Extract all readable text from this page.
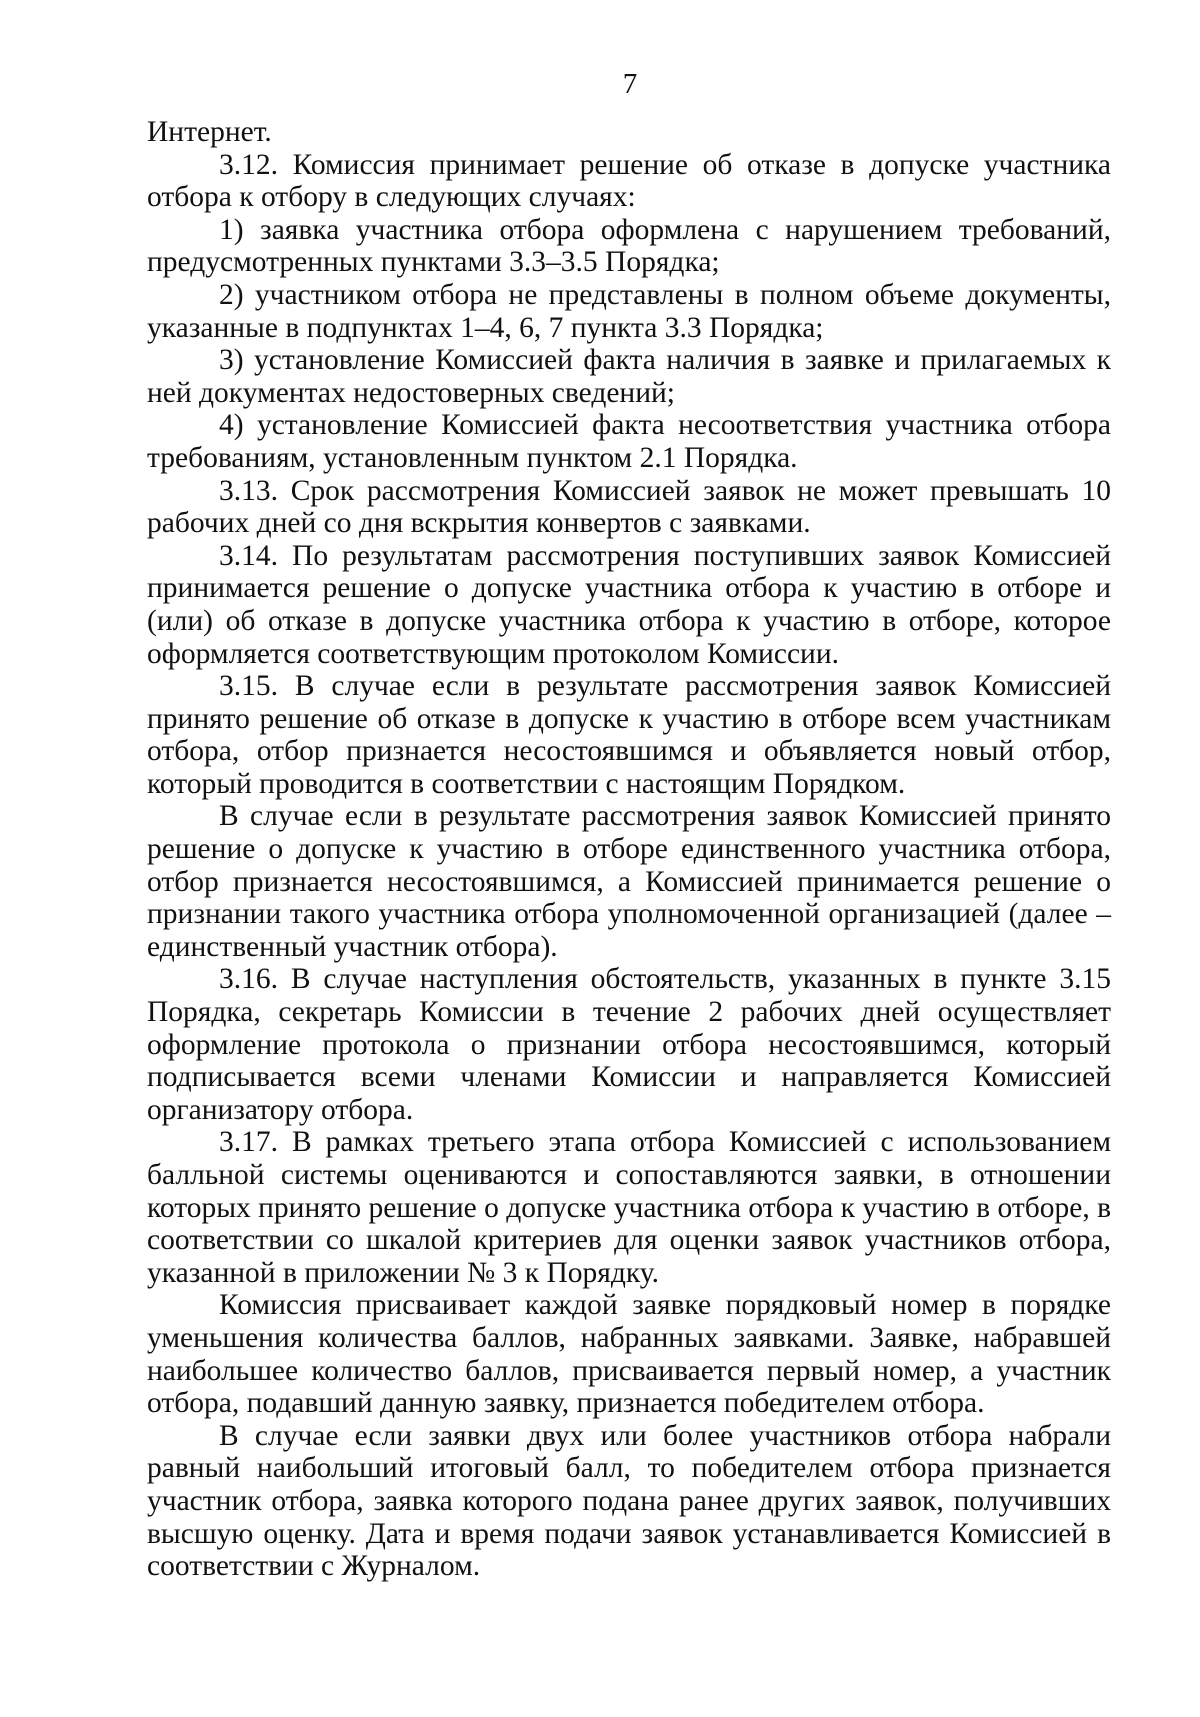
7

Интернет.

3.12. Комиссия принимает решение об отказе в допуске участника отбора к отбору в следующих случаях:

1) заявка участника отбора оформлена с нарушением требований, предусмотренных пунктами 3.3–3.5 Порядка;

2) участником отбора не представлены в полном объеме документы, указанные в подпунктах 1–4, 6, 7 пункта 3.3 Порядка;

3) установление Комиссией факта наличия в заявке и прилагаемых к ней документах недостоверных сведений;

4) установление Комиссией факта несоответствия участника отбора требованиям, установленным пунктом 2.1 Порядка.

3.13. Срок рассмотрения Комиссией заявок не может превышать 10 рабочих дней со дня вскрытия конвертов с заявками.

3.14. По результатам рассмотрения поступивших заявок Комиссией принимается решение о допуске участника отбора к участию в отборе и (или) об отказе в допуске участника отбора к участию в отборе, которое оформляется соответствующим протоколом Комиссии.

3.15. В случае если в результате рассмотрения заявок Комиссией принято решение об отказе в допуске к участию в отборе всем участникам отбора, отбор признается несостоявшимся и объявляется новый отбор, который проводится в соответствии с настоящим Порядком.

В случае если в результате рассмотрения заявок Комиссией принято решение о допуске к участию в отборе единственного участника отбора, отбор признается несостоявшимся, а Комиссией принимается решение о признании такого участника отбора уполномоченной организацией (далее – единственный участник отбора).

3.16. В случае наступления обстоятельств, указанных в пункте 3.15 Порядка, секретарь Комиссии в течение 2 рабочих дней осуществляет оформление протокола о признании отбора несостоявшимся, который подписывается всеми членами Комиссии и направляется Комиссией организатору отбора.

3.17. В рамках третьего этапа отбора Комиссией с использованием балльной системы оцениваются и сопоставляются заявки, в отношении которых принято решение о допуске участника отбора к участию в отборе, в соответствии со шкалой критериев для оценки заявок участников отбора, указанной в приложении № 3 к Порядку.

Комиссия присваивает каждой заявке порядковый номер в порядке уменьшения количества баллов, набранных заявками. Заявке, набравшей наибольшее количество баллов, присваивается первый номер, а участник отбора, подавший данную заявку, признается победителем отбора.

В случае если заявки двух или более участников отбора набрали равный наибольший итоговый балл, то победителем отбора признается участник отбора, заявка которого подана ранее других заявок, получивших высшую оценку. Дата и время подачи заявок устанавливается Комиссией в соответствии с Журналом.
